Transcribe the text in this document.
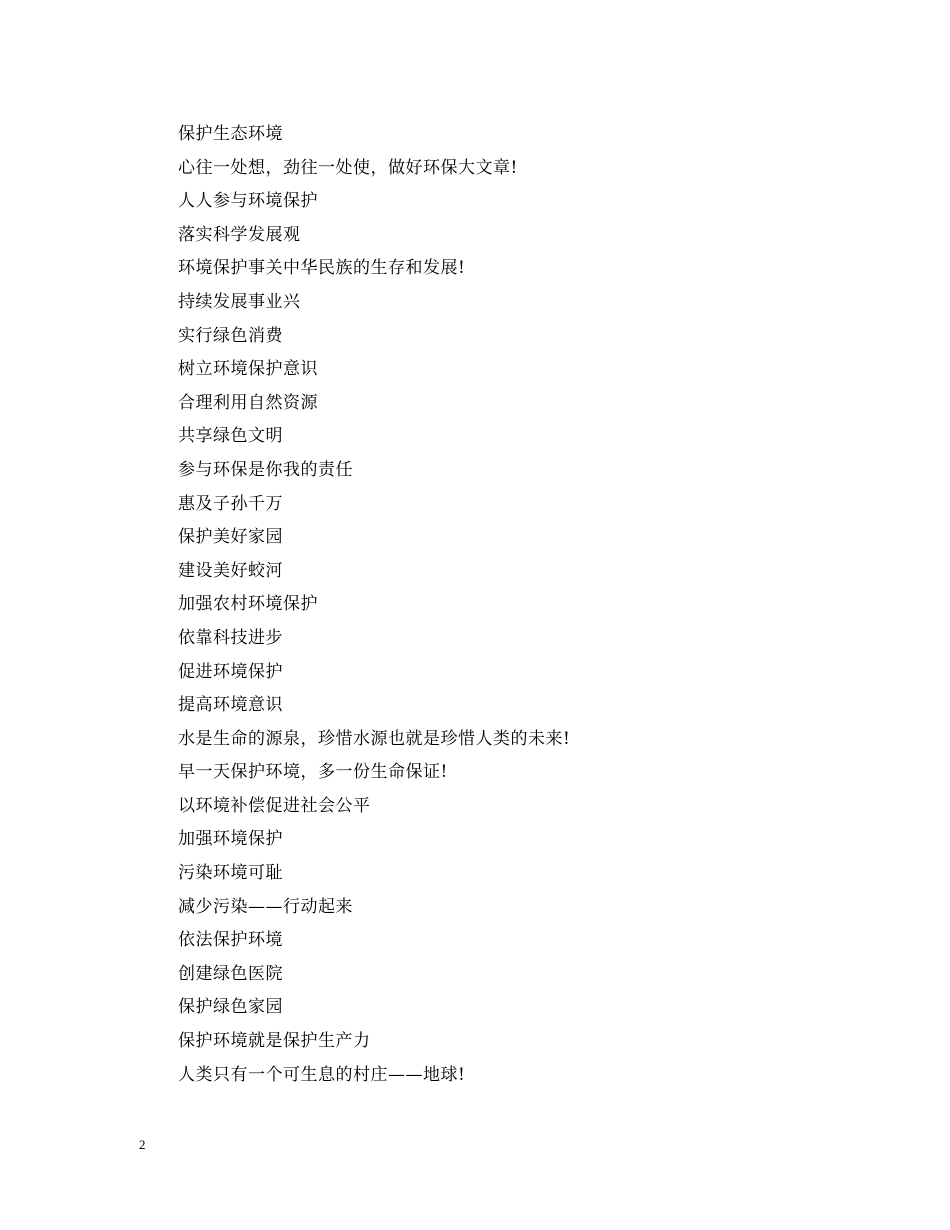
保护生态环境
心往一处想，劲往一处使，做好环保大文章!
人人参与环境保护
落实科学发展观
环境保护事关中华民族的生存和发展!
持续发展事业兴
实行绿色消费
树立环境保护意识
合理利用自然资源
共享绿色文明
参与环保是你我的责任
惠及子孙千万
保护美好家园
建设美好蛟河
加强农村环境保护
依靠科技进步
促进环境保护
提高环境意识
水是生命的源泉，珍惜水源也就是珍惜人类的未来!
早一天保护环境，多一份生命保证!
以环境补偿促进社会公平
加强环境保护
污染环境可耻
减少污染——行动起来
依法保护环境
创建绿色医院
保护绿色家园
保护环境就是保护生产力
人类只有一个可生息的村庄——地球!
2
